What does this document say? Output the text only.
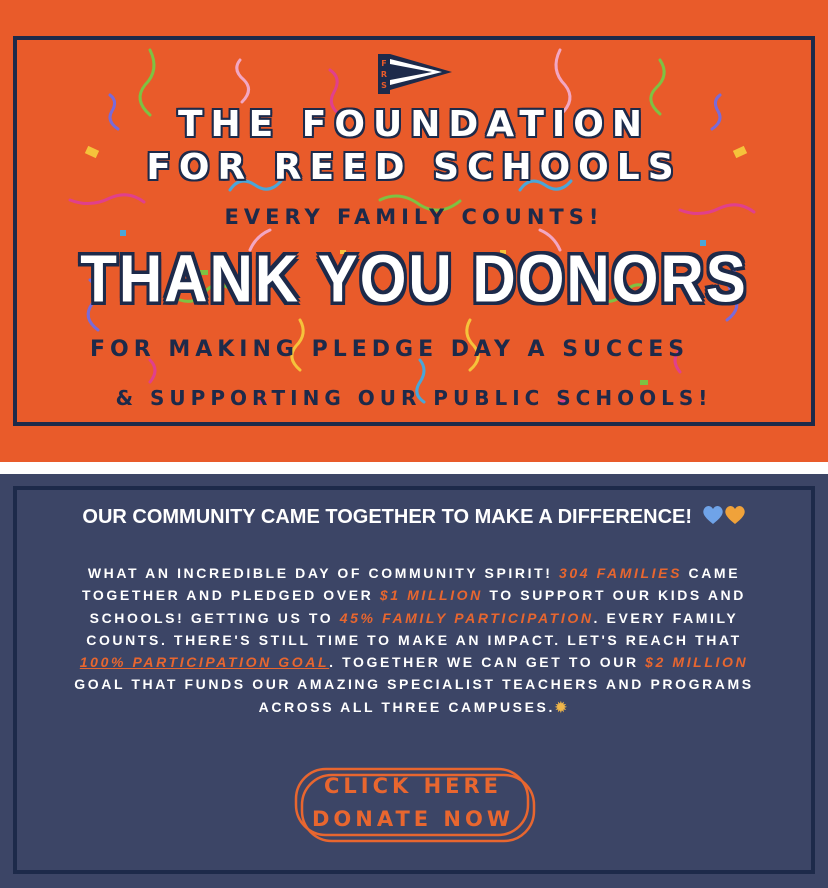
F
R
S
THE FOUNDATION
FOR REED SCHOOLS
EVERY FAMILY COUNTS!
THANK YOU DONORS
FOR MAKING PLEDGE DAY A SUCCES
& SUPPORTING OUR PUBLIC SCHOOLS!
OUR COMMUNITY CAME TOGETHER TO MAKE A DIFFERENCE!

WHAT AN INCREDIBLE DAY OF COMMUNITY SPIRIT! 304 FAMILIES CAME TOGETHER AND PLEDGED OVER $1 MILLION TO SUPPORT OUR KIDS AND SCHOOLS! GETTING US TO 45% FAMILY PARTICIPATION. EVERY FAMILY COUNTS. THERE'S STILL TIME TO MAKE AN IMPACT. LET'S REACH THAT 100% PARTICIPATION GOAL. TOGETHER WE CAN GET TO OUR $2 MILLION GOAL THAT FUNDS OUR AMAZING SPECIALIST TEACHERS AND PROGRAMS ACROSS ALL THREE CAMPUSES.✹

CLICK HERE
DONATE NOW
